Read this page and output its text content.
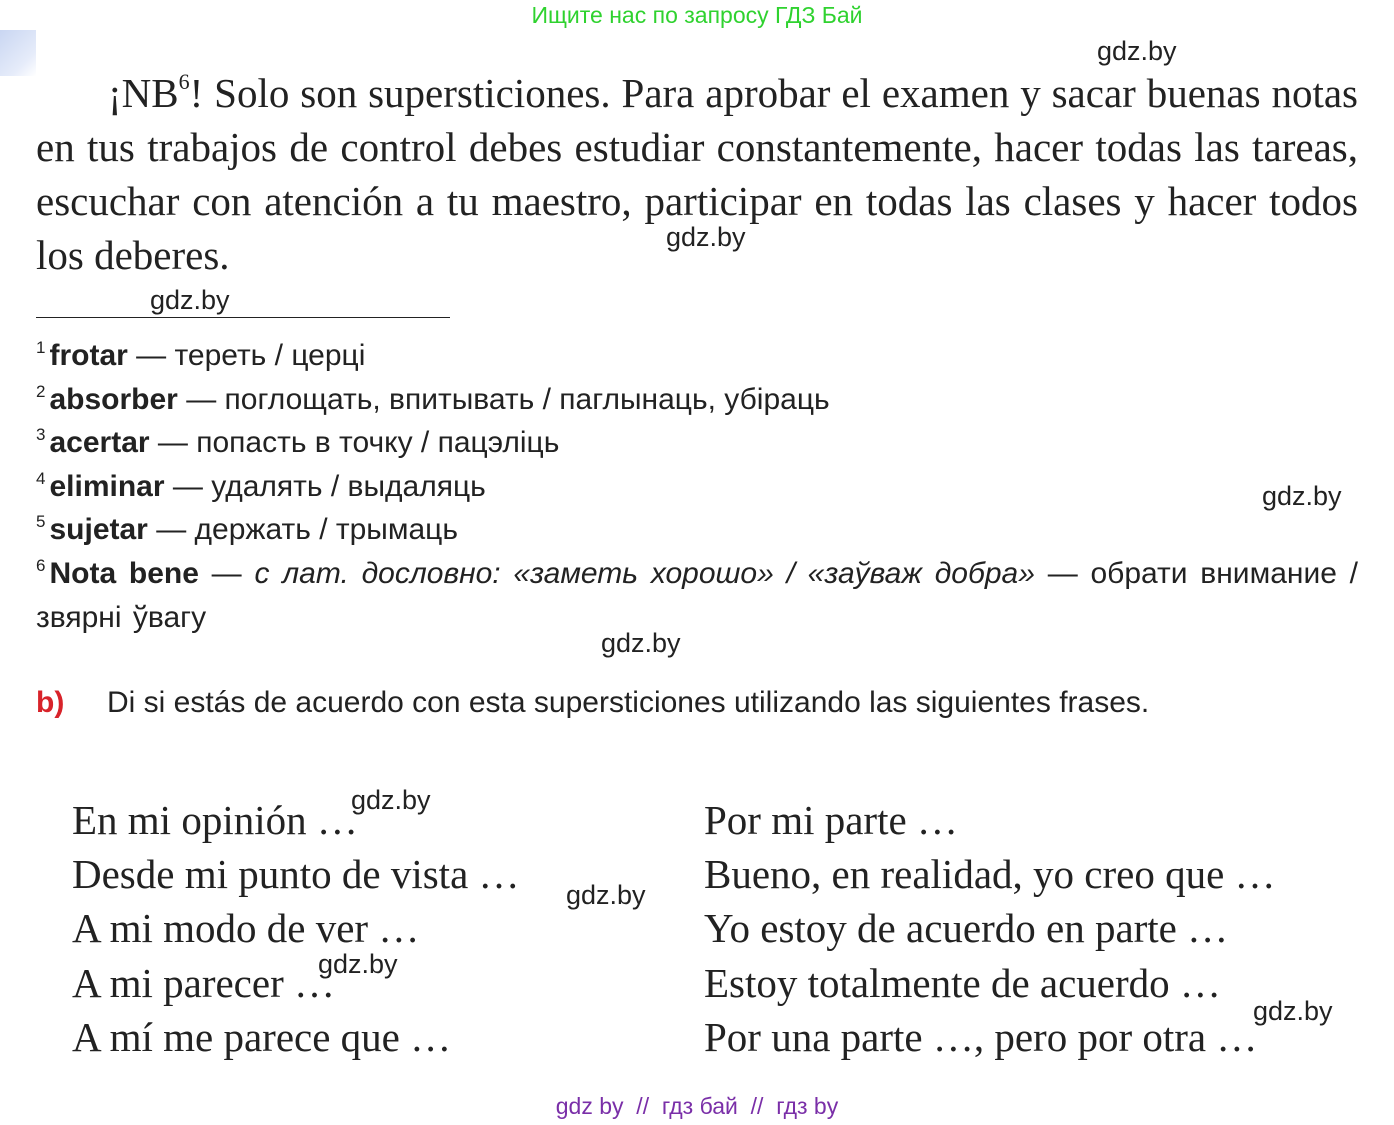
Ищите нас по запросу ГДЗ Бай

¡$NB^6$! Solo son supersticiones. Para aprobar el examen y sacar buenas notas en tus trabajos de control debes estudiar constantemente, hacer todas las tareas, escuchar con atención a tu maestro, participar en todas las clases y hacer todos los deberes.

$^1$ frotar — тереть / церці
$^2$ absorber — поглощать, впитывать / паглынаць, убіраць
$^3$ acertar — попасть в точку / пацэліць
$^4$ eliminar — удалять / выдаляць
$^5$ sujetar — держать / трымаць
$^6$ Nota bene — с лат. дословно: «заметь хорошо» / «заўваж добра» — обрати внимание / звярні ўвагу
b) Di si estás de acuerdo con esta supersticiones utilizando las siguientes frases.
En mi opinión …
Desde mi punto de vista …
A mi modo de ver …
A mi parecer …
A mí me parece que …
Por mi parte …
Bueno, en realidad, yo creo que …
Yo estoy de acuerdo en parte …
Estoy totalmente de acuerdo …
Por una parte …, pero por otra …
gdz.by
gdz.by
gdz.by
gdz.by
gdz.by
gdz.by
gdz.by
gdz.by
gdz.by
gdz by  //  гдз бай  //  гдз by
